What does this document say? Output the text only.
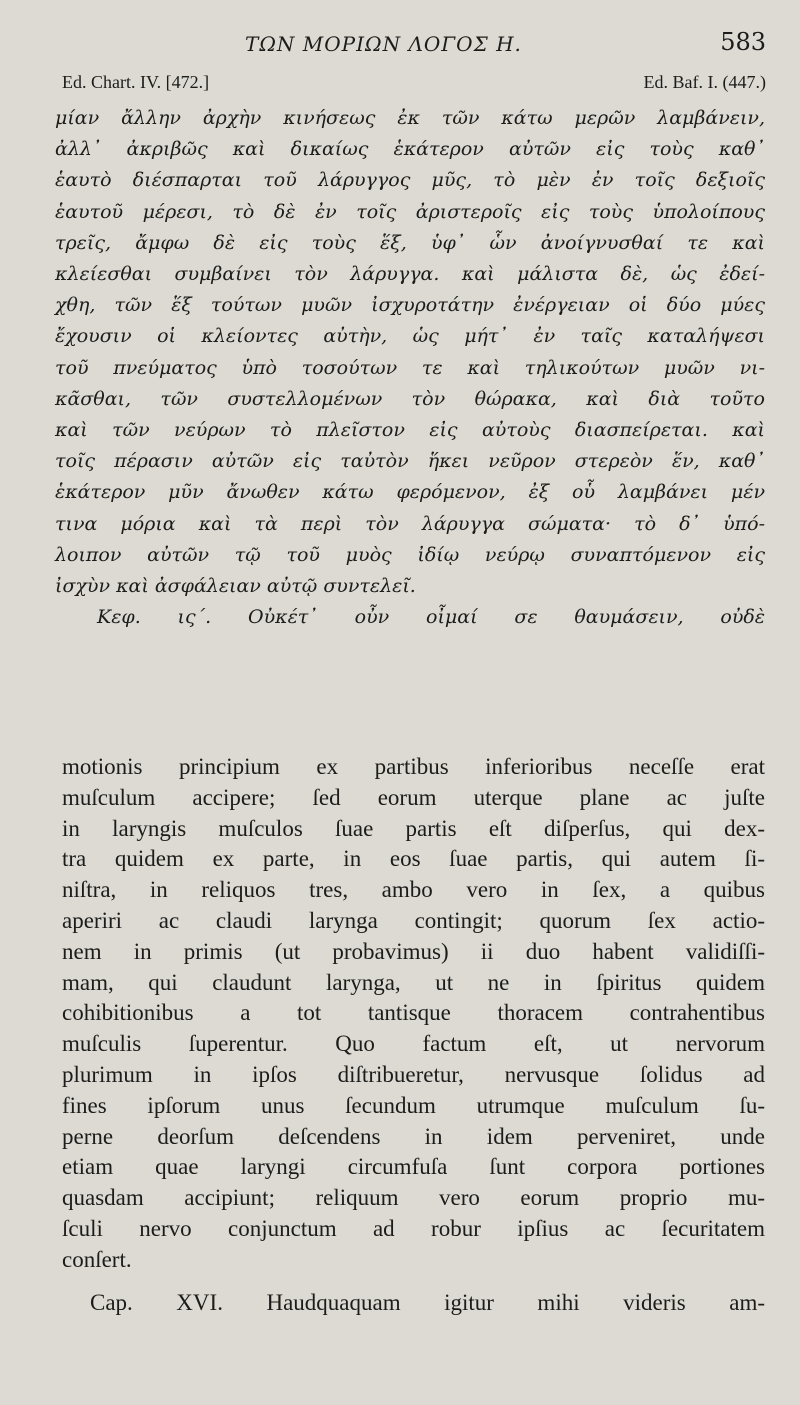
ΤΩΝ ΜΟΡΙΩΝ ΛΟΓΟΣ Η.	583
Ed. Chart. IV. [472.]	Ed. Baf. I. (447.)
μίαν ἄλλην ἀρχὴν κινήσεως ἐκ τῶν κάτω μερῶν λαμβάνειν,
ἀλλ᾽ ἀκριβῶς καὶ δικαίως ἑκάτερον αὐτῶν εἰς τοὺς καθ᾽
ἑαυτὸ διέσπαρται τοῦ λάρυγγος μῦς, τὸ μὲν ἐν τοῖς δεξιοῖς
ἑαυτοῦ μέρεσι, τὸ δὲ ἐν τοῖς ἀριστεροῖς εἰς τοὺς ὑπολοίπους
τρεῖς, ἄμφω δὲ εἰς τοὺς ἕξ, ὑφ᾽ ὧν ἀνοίγνυσθαί τε καὶ
κλείεσθαι συμβαίνει τὸν λάρυγγα. καὶ μάλιστα δὲ, ὡς ἐδεί-
χθη, τῶν ἕξ τούτων μυῶν ἰσχυροτάτην ἐνέργειαν οἱ δύο μύες
ἔχουσιν οἱ κλείοντες αὐτὴν, ὡς μήτ᾽ ἐν ταῖς καταλήψεσι
τοῦ πνεύματος ὑπὸ τοσούτων τε καὶ τηλικούτων μυῶν νι-
κᾶσθαι, τῶν συστελλομένων τὸν θώρακα, καὶ διὰ τοῦτο
καὶ τῶν νεύρων τὸ πλεῖστον εἰς αὐτοὺς διασπείρεται. καὶ
τοῖς πέρασιν αὐτῶν εἰς ταὐτὸν ἥκει νεῦρον στερεὸν ἕν, καθ᾽
ἑκάτερον μῦν ἄνωθεν κάτω φερόμενον, ἐξ οὗ λαμβάνει μέν
τινα μόρια καὶ τὰ περὶ τὸν λάρυγγα σώματα· τὸ δ᾽ ὑπό-
λοιπον αὐτῶν τῷ τοῦ μυὸς ἰδίῳ νεύρῳ συναπτόμενον εἰς
ἰσχὺν καὶ ἀσφάλειαν αὐτῷ συντελεῖ.
Κεφ. ις΄. Οὐκέτ᾽ οὖν οἶμαί σε θαυμάσειν, οὐδὲ
motionis principium ex partibus inferioribus neceſſe erat
muſculum accipere; ſed eorum uterque plane ac juſte
in laryngis muſculos ſuae partis eſt diſperſus, qui dex-
tra quidem ex parte, in eos ſuae partis, qui autem ſi-
niſtra, in reliquos tres, ambo vero in ſex, a quibus
aperiri ac claudi larynga contingit; quorum ſex actio-
nem in primis (ut probavimus) ii duo habent validiſſi-
mam, qui claudunt larynga, ut ne in ſpiritus quidem
cohibitionibus a tot tantisque thoracem contrahentibus
muſculis ſuperentur. Quo factum eſt, ut nervorum
plurimum in ipſos diſtribueretur, nervusque ſolidus ad
fines ipſorum unus ſecundum utrumque muſculum ſu-
perne deorſum deſcendens in idem perveniret, unde
etiam quae laryngi circumfuſa ſunt corpora portiones
quasdam accipiunt; reliquum vero eorum proprio mu-
ſculi nervo conjunctum ad robur ipſius ac ſecuritatem
conſert.
Cap. XVI. Haudquaquam igitur mihi videris am-
